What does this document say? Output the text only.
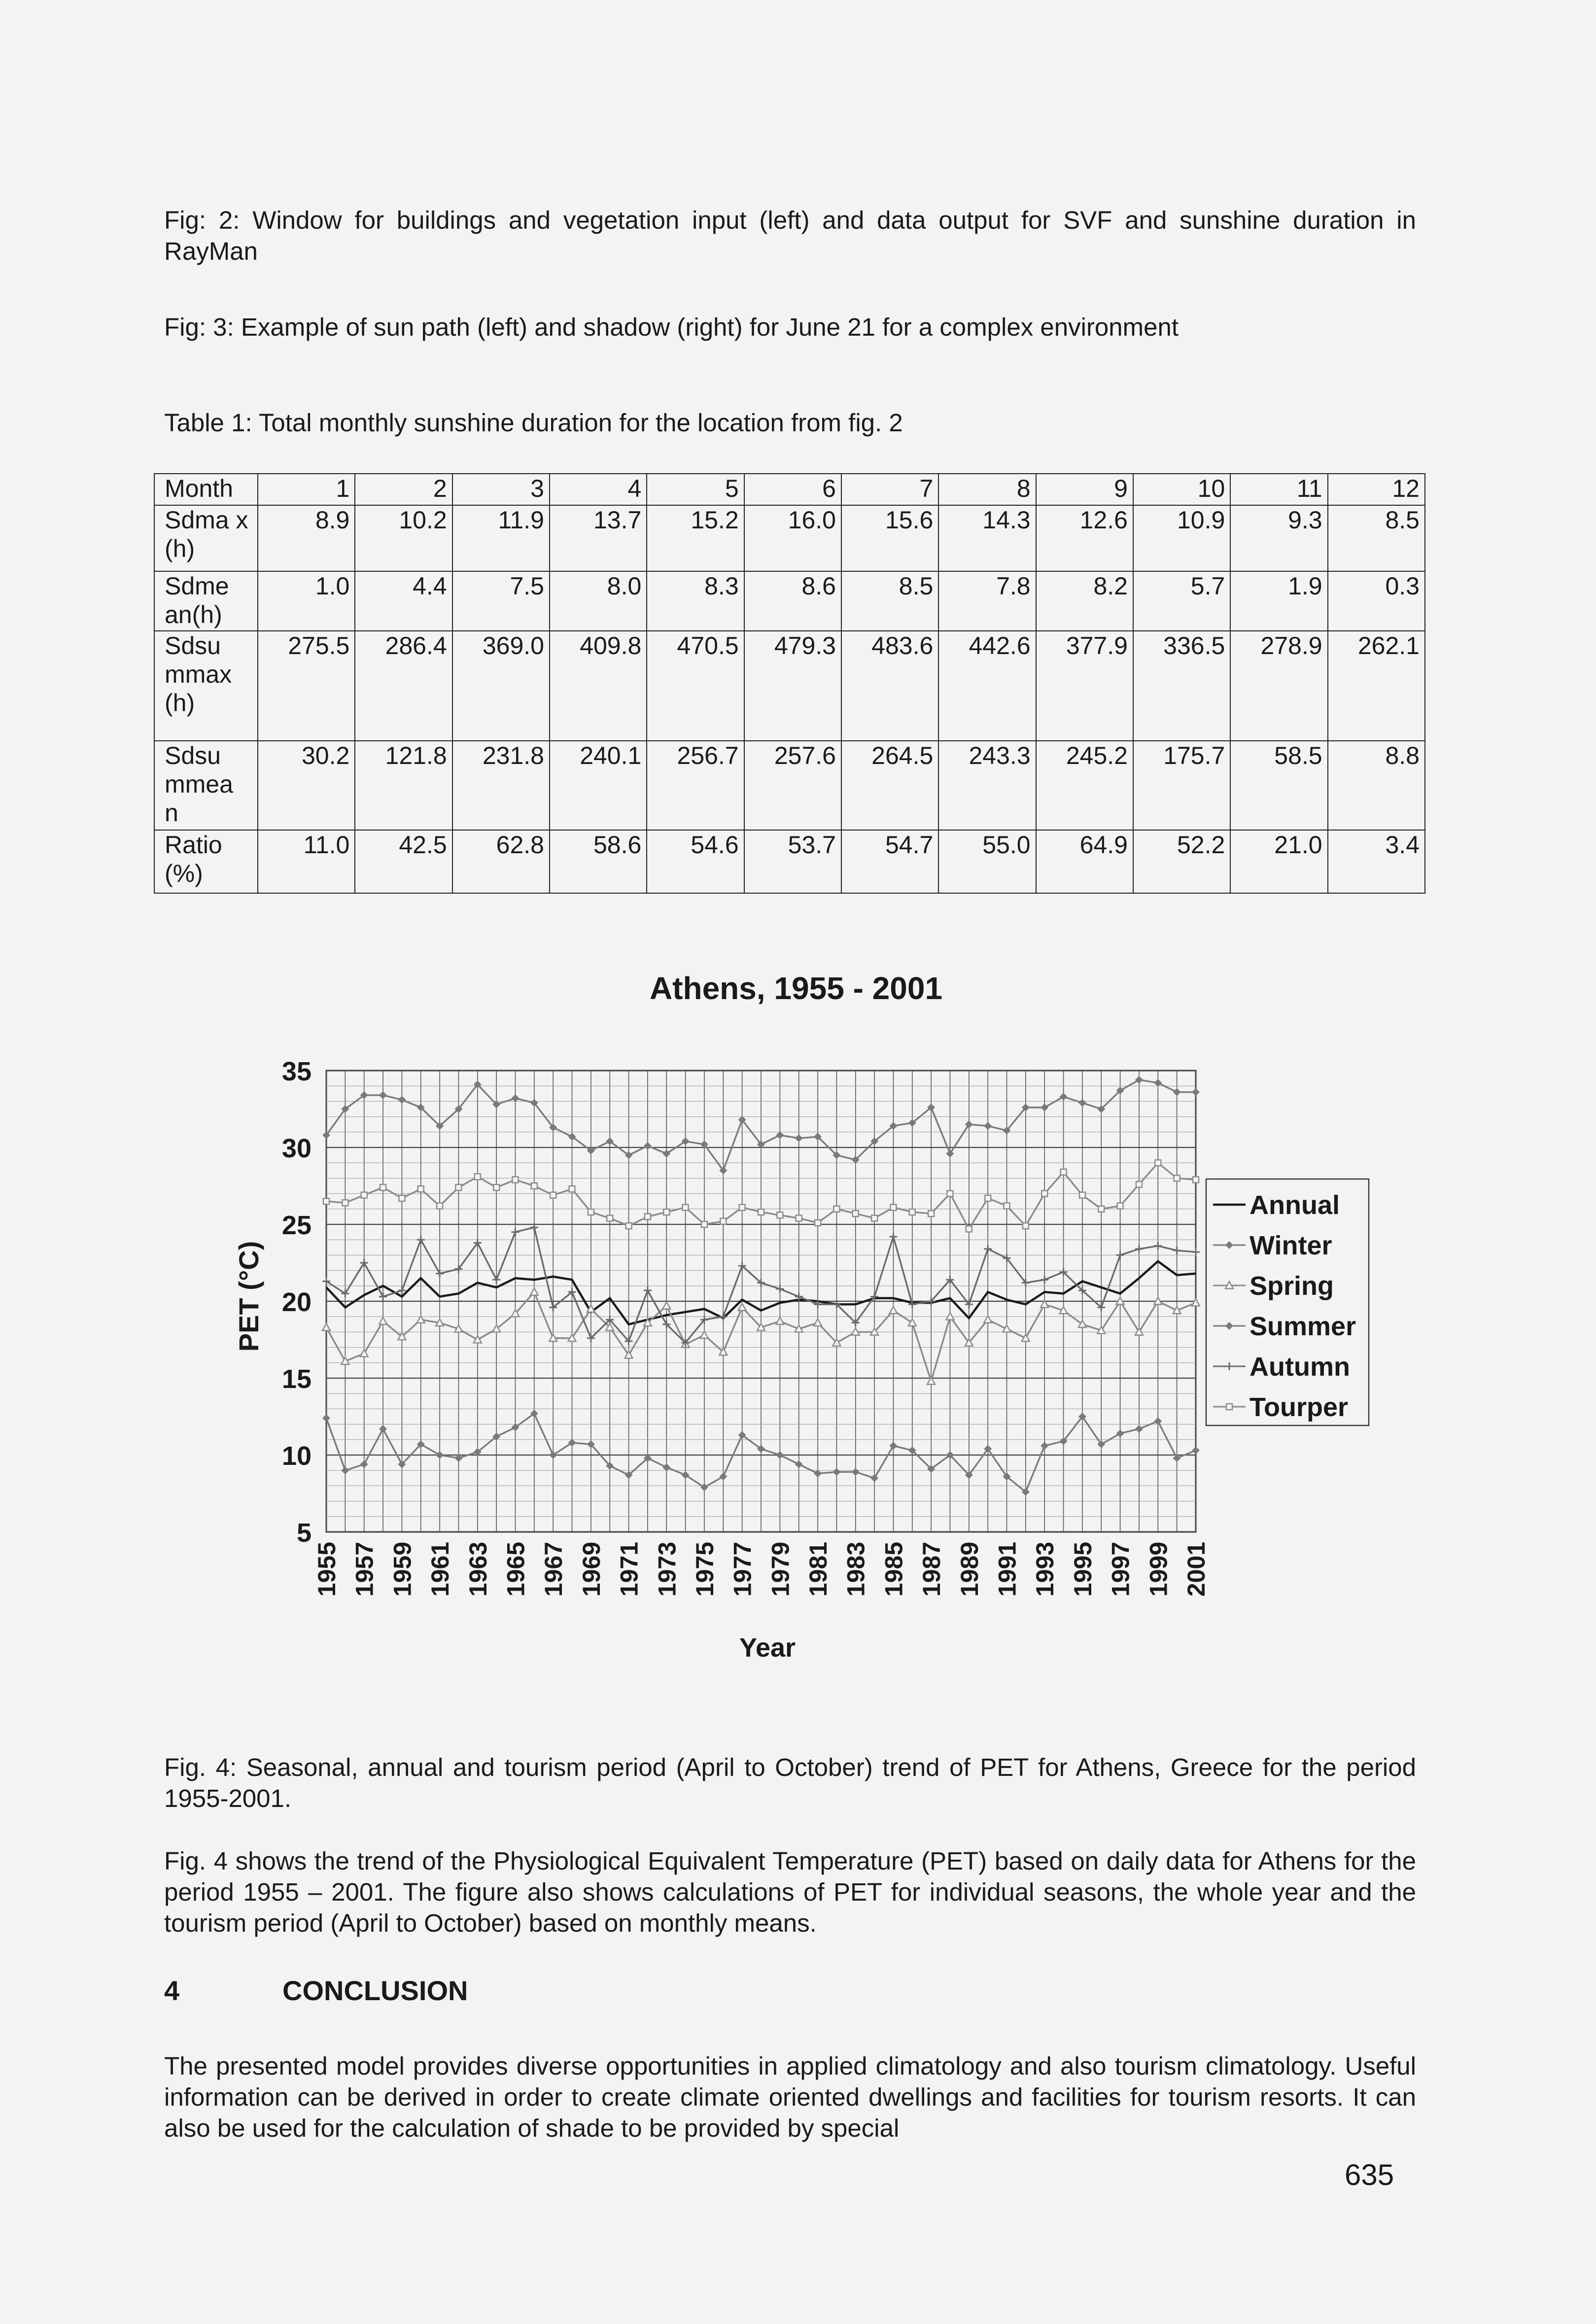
Fig: 2: Window for buildings and vegetation input (left) and data output for SVF and sunshine duration in RayMan
Fig: 3: Example of sun path (left) and shadow (right) for June 21 for a complex environment
Table 1: Total monthly sunshine duration for the location from fig. 2
Month	1	2	3	4	5	6	7	8	9	10	11	12
Sdma x (h)	8.9	10.2	11.9	13.7	15.2	16.0	15.6	14.3	12.6	10.9	9.3	8.5
Sdme an(h)	1.0	4.4	7.5	8.0	8.3	8.6	8.5	7.8	8.2	5.7	1.9	0.3
Sdsu mmax (h)	275.5	286.4	369.0	409.8	470.5	479.3	483.6	442.6	377.9	336.5	278.9	262.1
Sdsu mmea n	30.2	121.8	231.8	240.1	256.7	257.6	264.5	243.3	245.2	175.7	58.5	8.8
Ratio (%)	11.0	42.5	62.8	58.6	54.6	53.7	54.7	55.0	64.9	52.2	21.0	3.4
Athens, 1955 - 2001
5
10
15
20
25
30
35
1955 1957 1959 1961 1963 1965 1967 1969 1971 1973 1975 1977 1979 1981 1983 1985 1987 1989 1991 1993 1995 1997 1999 2001
PET (°C)
Year
Annual
Winter
Spring
Summer
Autumn
Tourper
Fig. 4: Seasonal, annual and tourism period (April to October) trend of PET for Athens, Greece for the period 1955-2001.
Fig. 4 shows the trend of the Physiological Equivalent Temperature (PET) based on daily data for Athens for the period 1955 – 2001. The figure also shows calculations of PET for individual seasons, the whole year and the tourism period (April to October) based on monthly means.
4	CONCLUSION
The presented model provides diverse opportunities in applied climatology and also tourism climatology. Useful information can be derived in order to create climate oriented dwellings and facilities for tourism resorts. It can also be used for the calculation of shade to be provided by special
635
